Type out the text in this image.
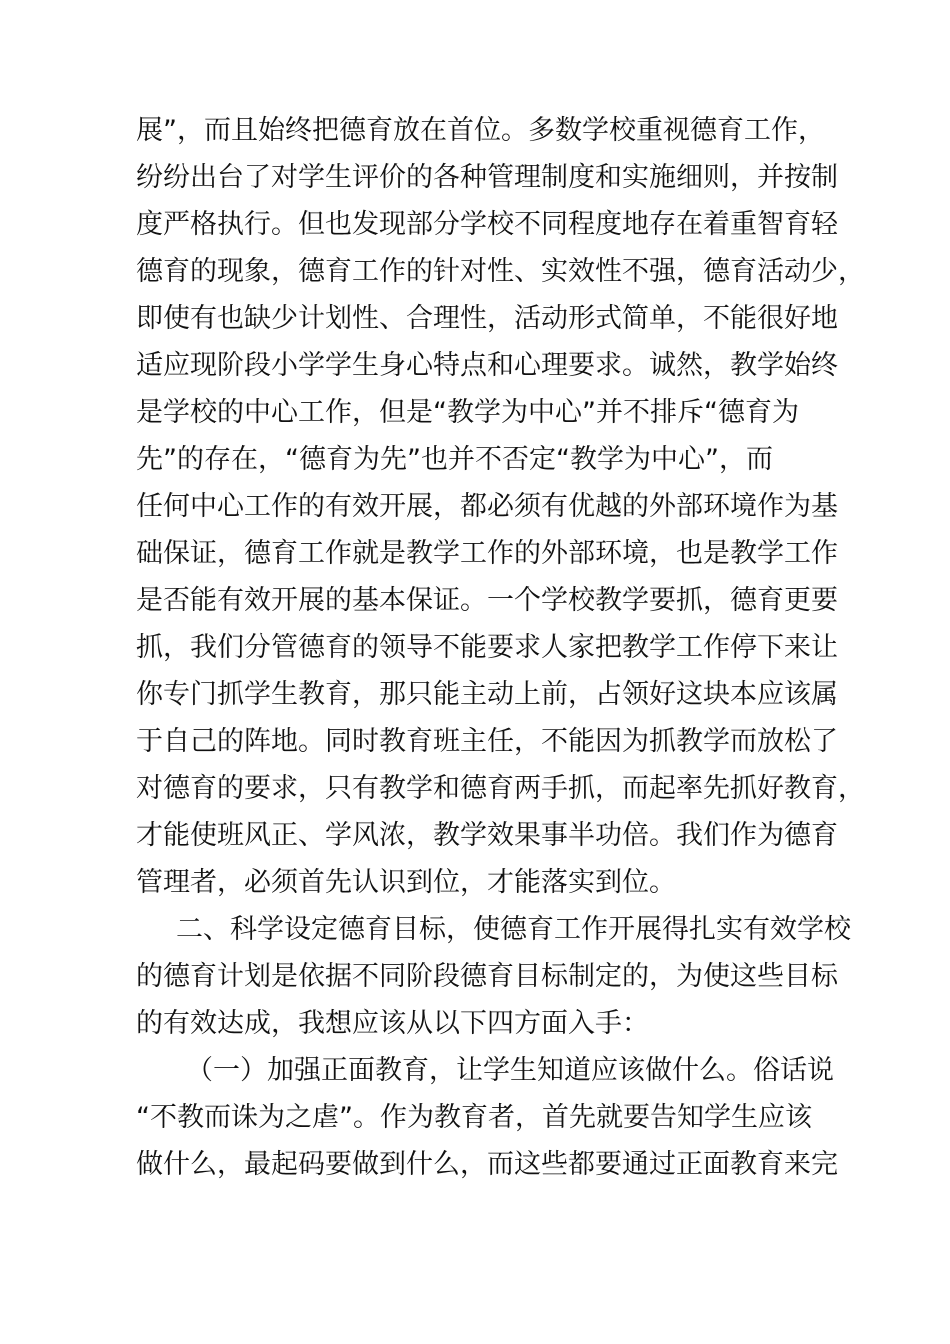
展”，而且始终把德育放在首位。多数学校重视德育工作，
纷纷出台了对学生评价的各种管理制度和实施细则，并按制
度严格执行。但也发现部分学校不同程度地存在着重智育轻
德育的现象，德育工作的针对性、实效性不强，德育活动少，
即使有也缺少计划性、合理性，活动形式简单，不能很好地
适应现阶段小学学生身心特点和心理要求。诚然，教学始终
是学校的中心工作，但是“教学为中心”并不排斥“德育为
先”的存在，“德育为先”也并不否定“教学为中心”，而
任何中心工作的有效开展，都必须有优越的外部环境作为基
础保证，德育工作就是教学工作的外部环境，也是教学工作
是否能有效开展的基本保证。一个学校教学要抓，德育更要
抓，我们分管德育的领导不能要求人家把教学工作停下来让
你专门抓学生教育，那只能主动上前，占领好这块本应该属
于自己的阵地。同时教育班主任，不能因为抓教学而放松了
对德育的要求，只有教学和德育两手抓，而起率先抓好教育，
才能使班风正、学风浓，教学效果事半功倍。我们作为德育
管理者，必须首先认识到位，才能落实到位。
二、科学设定德育目标，使德育工作开展得扎实有效学校
的德育计划是依据不同阶段德育目标制定的，为使这些目标
的有效达成，我想应该从以下四方面入手：
（一）加强正面教育，让学生知道应该做什么。俗话说
“不教而诛为之虐”。作为教育者，首先就要告知学生应该
做什么，最起码要做到什么，而这些都要通过正面教育来完
